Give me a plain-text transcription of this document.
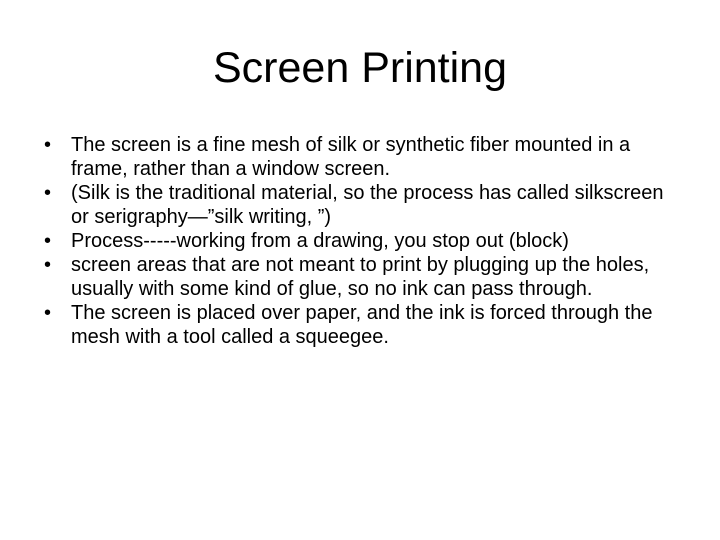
Screen Printing
• The screen is a fine mesh of silk or synthetic fiber mounted in a frame, rather than a window screen.
• (Silk is the traditional material, so the process has called silkscreen or serigraphy—”silk writing, ”)
• Process-----working from a drawing, you stop out (block)
• screen areas that are not meant to print by plugging up the holes, usually with some kind of glue, so no ink can pass through.
• The screen is placed over paper, and the ink is forced through the mesh with a tool called a squeegee.
